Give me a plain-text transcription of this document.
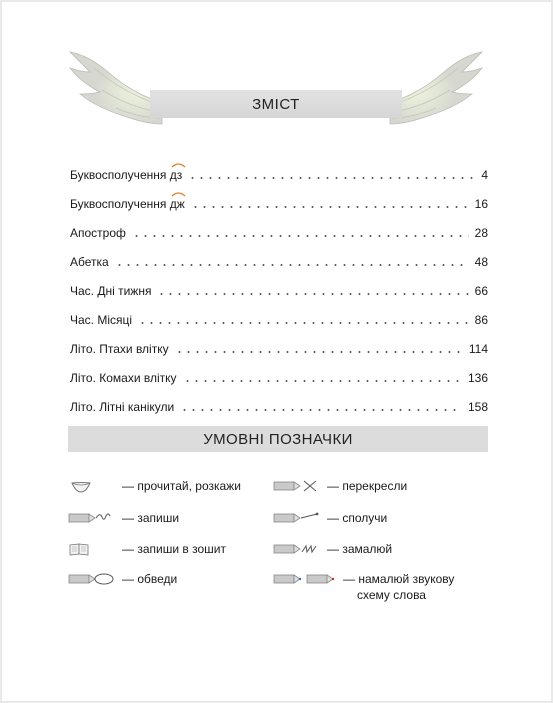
ЗМІСТ
Буквосполучення
дз	4
Буквосполучення
дж	16
Апостроф	28
Абетка	48
Час. Дні тижня	66
Час. Місяці	86
Літо. Птахи влітку	114
Літо. Комахи влітку	136
Літо. Літні канікули	158
УМОВНІ ПОЗНАЧКИ
— прочитай, розкажи
— запиши
— запиши в зошит
— обведи
— перекресли
— сполучи
— замалюй
— намалюй звукову
схему слова
